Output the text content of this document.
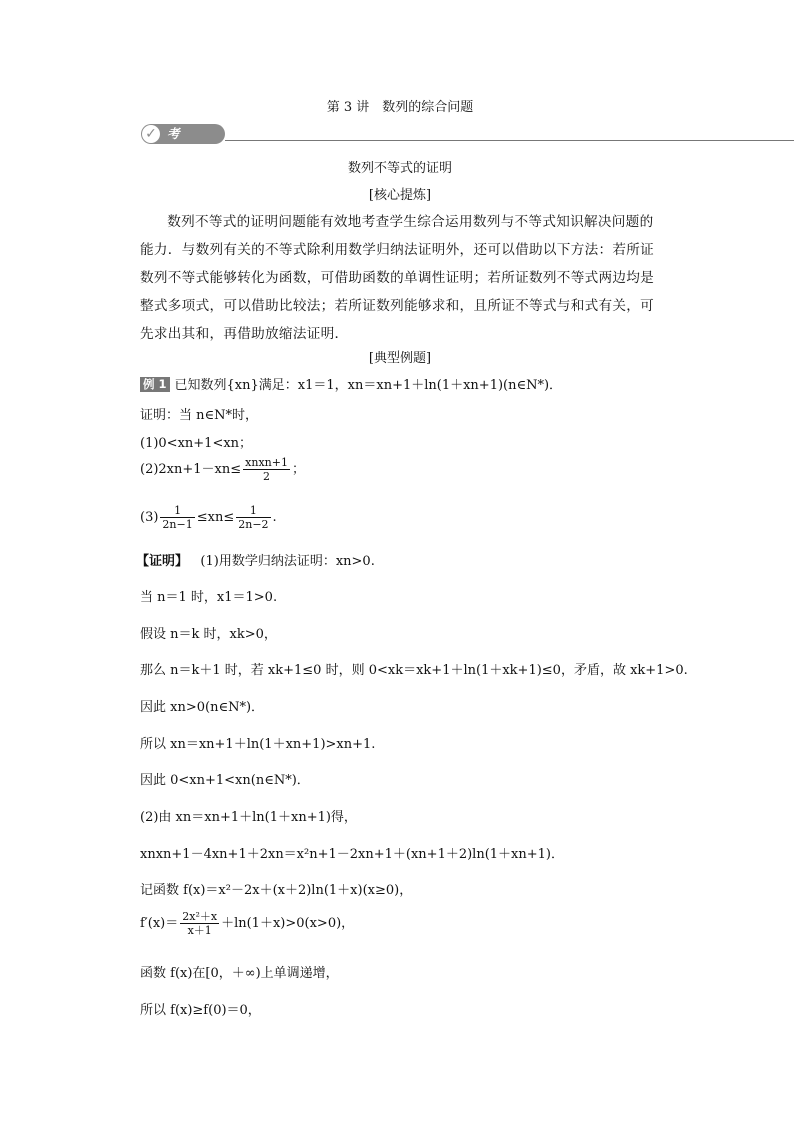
第 3 讲　数列的综合问题
✓ 考点 1	数列不等式的证明
[核心提炼]

数列不等式的证明问题能有效地考查学生综合运用数列与不等式知识解决问题的能力．与数列有关的不等式除利用数学归纳法证明外，还可以借助以下方法：若所证数列不等式能够转化为函数，可借助函数的单调性证明；若所证数列不等式两边均是整式多项式，可以借助比较法；若所证数列能够求和，且所证不等式与和式有关，可先求出其和，再借助放缩法证明．

[典型例题]
例 1 已知数列{xn}满足：x1＝1，xn＝xn+1＋ln(1＋xn+1)(n∈N*)．
证明：当 n∈N*时，
(1)0<xn+1<xn；
$(2)2xn+1-xn\le \frac{\text{xnxn+1}}{2}$ ；
$(3) \frac{1}{2n-1} \le xn\le \frac{1}{2n-2}$ .
【证明】 (1)用数学归纳法证明：xn>0.
当 n＝1 时，x1＝1>0.
假设 n＝k 时，xk>0，
那么 n＝k＋1 时，若 xk+1≤0 时，则 0<xk＝xk+1＋ln(1＋xk+1)≤0，矛盾，故 xk+1>0.
因此 xn>0(n∈N*)．
所以 xn＝xn+1＋ln(1＋xn+1)>xn+1.
因此 0<xn+1<xn(n∈N*)．
(2)由 xn＝xn+1＋ln(1＋xn+1)得，
xnxn+1－4xn+1＋2xn＝x²n+1－2xn+1＋(xn+1＋2)ln(1＋xn+1)．
记函数 f(x)＝x²－2x＋(x＋2)ln(1＋x)(x≥0)，
$f'(x)= \frac{\text{2x²＋x}}{x+1} +\ln(1+x)>0(x>0)$，
函数 f(x)在[0，＋∞)上单调递增，
所以 f(x)≥f(0)＝0，
